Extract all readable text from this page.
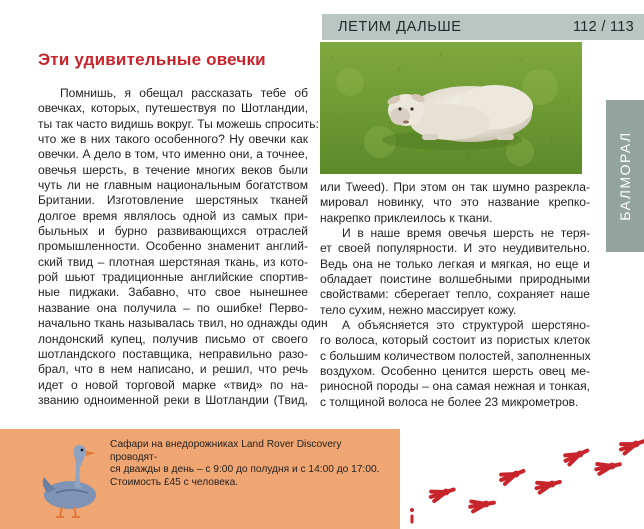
ЛЕТИМ ДАЛЬШЕ	112 / 113
БАЛМОРАЛ
Эти удивительные овечки
Помнишь, я обещал рассказать тебе об
овечках, которых, путешествуя по Шотландии,
ты так часто видишь вокруг. Ты можешь спросить:
что же в них такого особенного? Ну овечки как
овечки. А дело в том, что именно они, а точнее,
овечья шерсть, в течение многих веков были
чуть ли не главным национальным богатством
Британии. Изготовление шерстяных тканей
долгое время являлось одной из самых при-
быльных и бурно развивающихся отраслей
промышленности. Особенно знаменит англий-
ский твид – плотная шерстяная ткань, из кото-
рой шьют традиционные английские спортив-
ные пиджаки. Забавно, что свое нынешнее
название она получила – по ошибке! Перво-
начально ткань называлась твил, но однажды один
лондонский купец, получив письмо от своего
шотландского поставщика, неправильно разо-
брал, что в нем написано, и решил, что речь
идет о новой торговой марке «твид» по на-
званию одноименной реки в Шотландии (Твид,
или Tweed). При этом он так шумно разрекла-
мировал новинку, что это название крепко-
накрепко приклеилось к ткани.
И в наше время овечья шерсть не теря-
ет своей популярности. И это неудивительно.
Ведь она не только легкая и мягкая, но еще и
обладает поистине волшебными природными
свойствами: сберегает тепло, сохраняет наше
тело сухим, нежно массирует кожу.
А объясняется это структурой шерстяно-
го волоса, который состоит из пористых клеток
с большим количеством полостей, заполненных
воздухом. Особенно ценится шерсть овец ме-
риносной породы – она самая нежная и тонкая,
с толщиной волоса не более 23 микрометров.
Сафари на внедорожниках Land Rover Discovery проводят-
ся дважды в день – с 9:00 до полудня и с 14:00 до 17:00.
Стоимость £45 с человека.
